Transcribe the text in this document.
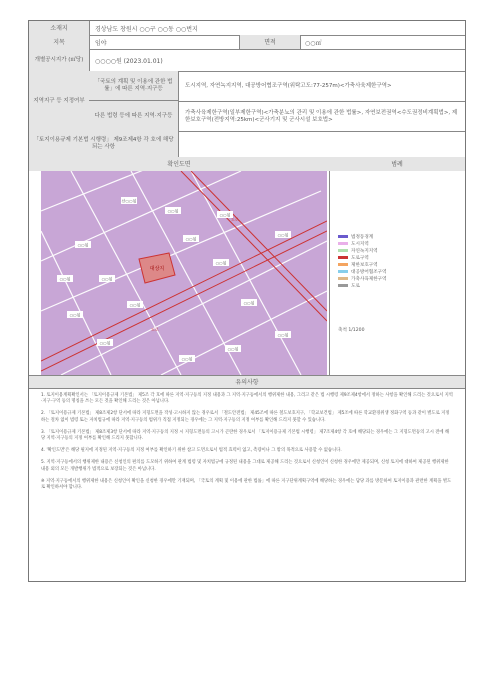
소재지	경상남도 창원시 ○○구 ○○동 ○○번지
지목	임야	면적	○○㎡
개별공시지가 (㎡당)	○○○○원 (2023.01.01)
지역지구 등 지정여부
「국토의 계획 및 이용에 관한 법률」에 따른 지역·지구등	도시지역, 자연녹지지역, 대공방어협조구역(위탁고도:77-257m)<가축사육제한구역>
다른 법령 등에 따른 지역·지구등	가축사육제한구역(일부제한구역)<가축분뇨의 관리 및 이용에 관한 법률>, 자연보전권역<수도권정비계획법>, 제한보호구역(전방지역:25km)<군사기지 및 군사시설 보호법>
「토지이용규제 기본법 시행령」 제9조제4항 각 호에 해당되는 사항
확인도면	범례
산○○임
○○임
○○임
○○임
○○임
○○임
○○임
○○임	○○임
○○임
○○임
○○임
○○임
○○임
○○임
○○임
대상지
도로
도로
법정동경계
도시지역
자연녹지지역
도로구역
제한보호구역
대공방어협조구역
가축사육제한구역
도로
축척 1/1200
유의사항

1. 토지이용계획확인서는 「토지이용규제 기본법」 제5조 각 호에 따른 지역·지구등의 지정 내용과 그 지역·지구등에서의 행위제한 내용, 그리고 같은 법 시행령 제9조제4항에서 정하는 사항을 확인해 드리는 것으로서 지역·지구·구역 등의 명칭을 쓰는 모든 것을 확인해 드리는 것은 아닙니다.

2. 「토지이용규제 기본법」 제8조제2항 단서에 따라 지형도면을 작성·고시하지 않는 경우로서 「철도안전법」 제45조에 따른 철도보호지구, 「학교보건법」 제5조에 따른 학교환경위생 정화구역 등과 같이 별도로 지정하는 절차 없이 법령 또는 자치법규에 따라 지역·지구등의 범위가 직접 지정되는 경우에는 그 지역·지구등의 지정 여부를 확인해 드리지 못할 수 있습니다.

3. 「토지이용규제 기본법」 제8조제3항 단서에 따라 지역·지구등의 지정 시 지형도면등의 고시가 곤란한 경우로서 「토지이용규제 기본법 시행령」 제7조제4항 각 호에 해당되는 경우에는 그 지형도면등의 고시 전에 해당 지역·지구등의 지정 여부를 확인해 드리지 못합니다.

4. '확인도면'은 해당 필지에 지정된 지역·지구등의 지정 여부를 확인하기 위한 참고 도면으로서 법적 효력이 없고, 측량이나 그 밖의 목적으로 사용할 수 없습니다.

5. 지역·지구등에서의 행위제한 내용은 신청인의 편의를 도모하기 위하여 관계 법령 및 자치법규에 규정된 내용을 그대로 제공해 드리는 것으로서 신청인이 신청한 경우에만 제공되며, 신청 토지에 대하여 제공된 행위제한 내용 외의 모든 개발행위가 법적으로 보장되는 것은 아닙니다.

※ 지역·지구등에서의 행위제한 내용은 신청인이 확인을 신청한 경우에만 기재되며, 「국토의 계획 및 이용에 관한 법률」에 따른 지구단위계획구역에 해당하는 경우에는 담당 과를 방문하여 토지이용과 관련한 계획을 별도로 확인하셔야 합니다.
